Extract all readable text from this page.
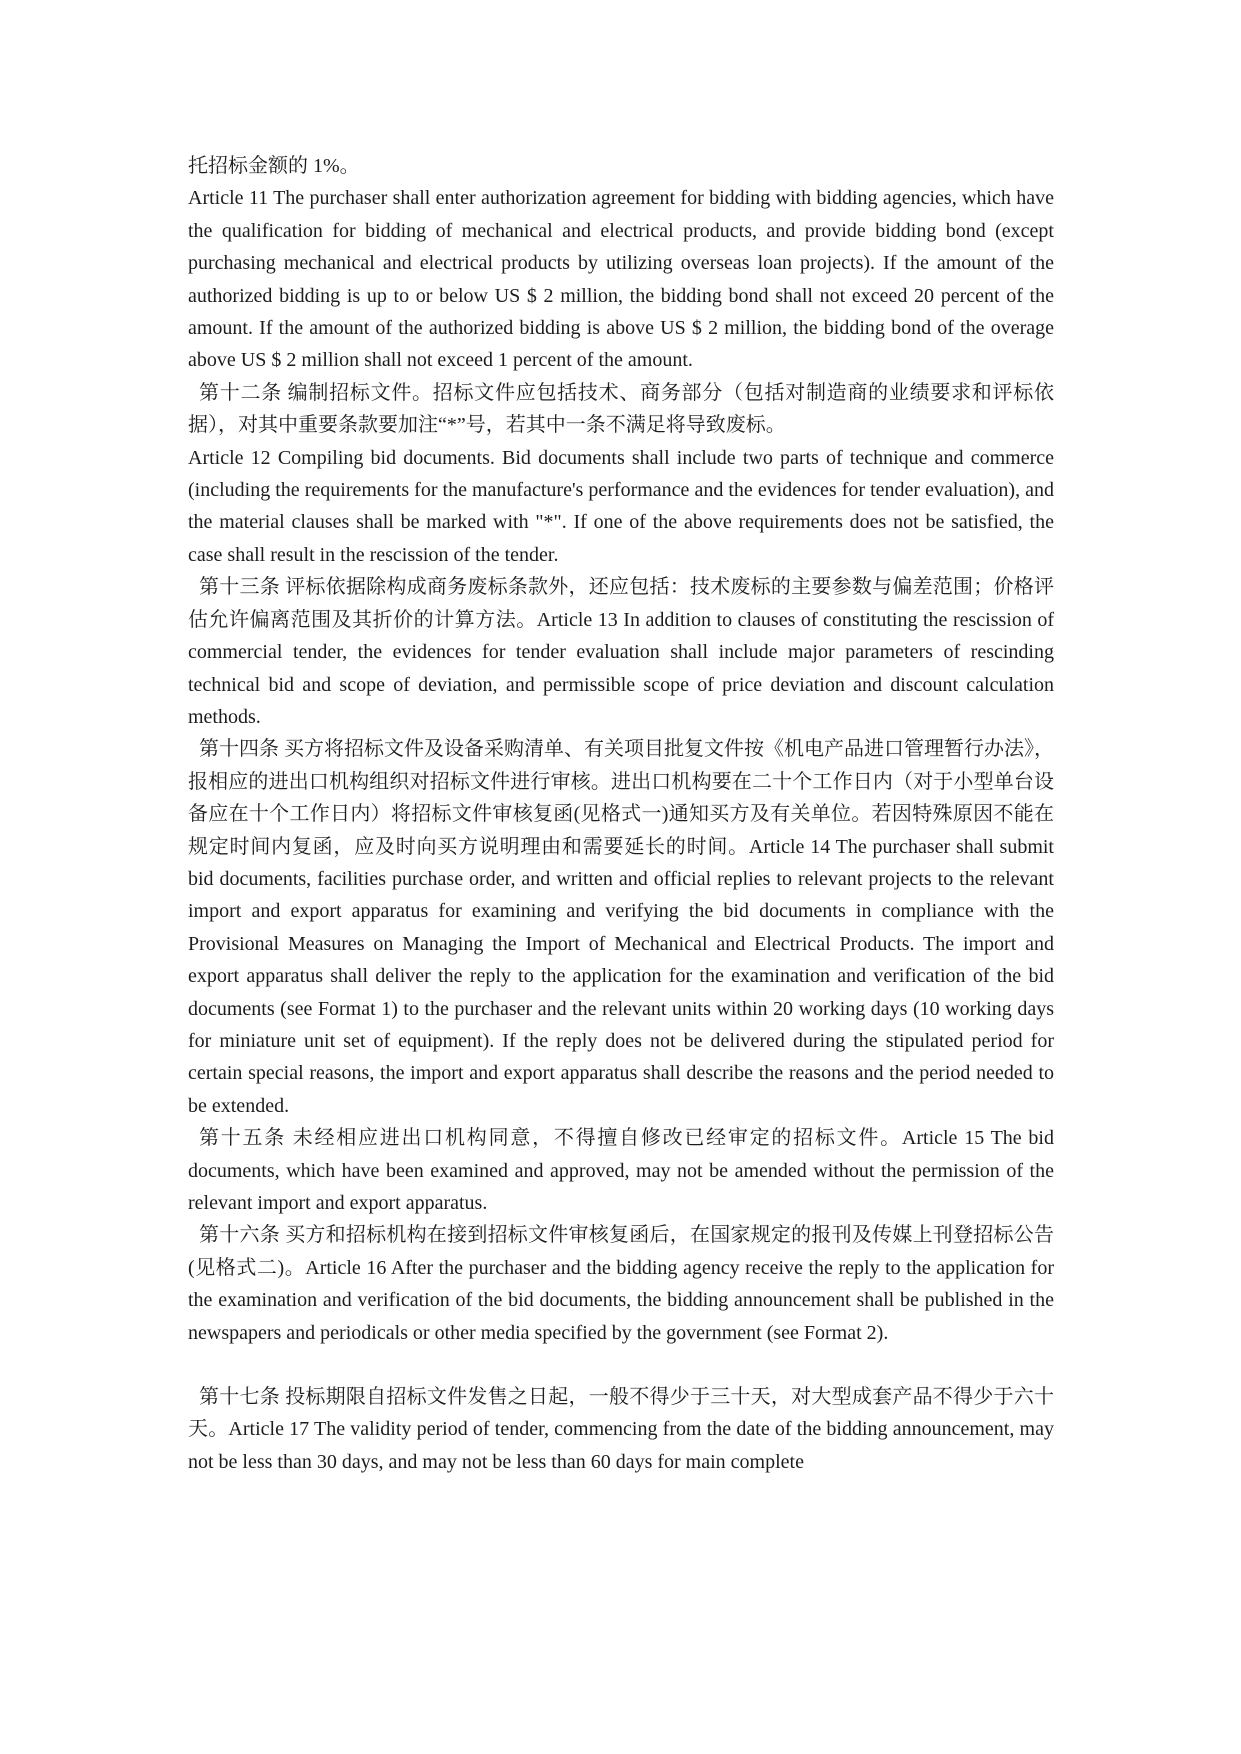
托招标金额的 1%。

Article 11 The purchaser shall enter authorization agreement for bidding with bidding agencies, which have the qualification for bidding of mechanical and electrical products, and provide bidding bond (except purchasing mechanical and electrical products by utilizing overseas loan projects). If the amount of the authorized bidding is up to or below US $ 2 million, the bidding bond shall not exceed 20 percent of the amount. If the amount of the authorized bidding is above US $ 2 million, the bidding bond of the overage above US $ 2 million shall not exceed 1 percent of the amount.

第十二条 编制招标文件。招标文件应包括技术、商务部分（包括对制造商的业绩要求和评标依据），对其中重要条款要加注“*”号，若其中一条不满足将导致废标。

Article 12 Compiling bid documents. Bid documents shall include two parts of technique and commerce (including the requirements for the manufacture's performance and the evidences for tender evaluation), and the material clauses shall be marked with "*". If one of the above requirements does not be satisfied, the case shall result in the rescission of the tender.

第十三条 评标依据除构成商务废标条款外，还应包括：技术废标的主要参数与偏差范围；价格评估允许偏离范围及其折价的计算方法。Article 13 In addition to clauses of constituting the rescission of commercial tender, the evidences for tender evaluation shall include major parameters of rescinding technical bid and scope of deviation, and permissible scope of price deviation and discount calculation methods.

第十四条 买方将招标文件及设备采购清单、有关项目批复文件按《机电产品进口管理暂行办法》，报相应的进出口机构组织对招标文件进行审核。进出口机构要在二十个工作日内（对于小型单台设备应在十个工作日内）将招标文件审核复函(见格式一)通知买方及有关单位。若因特殊原因不能在规定时间内复函，应及时向买方说明理由和需要延长的时间。Article 14 The purchaser shall submit bid documents, facilities purchase order, and written and official replies to relevant projects to the relevant import and export apparatus for examining and verifying the bid documents in compliance with the Provisional Measures on Managing the Import of Mechanical and Electrical Products. The import and export apparatus shall deliver the reply to the application for the examination and verification of the bid documents (see Format 1) to the purchaser and the relevant units within 20 working days (10 working days for miniature unit set of equipment). If the reply does not be delivered during the stipulated period for certain special reasons, the import and export apparatus shall describe the reasons and the period needed to be extended.

第十五条 未经相应进出口机构同意，不得擅自修改已经审定的招标文件。Article 15 The bid documents, which have been examined and approved, may not be amended without the permission of the relevant import and export apparatus.

第十六条 买方和招标机构在接到招标文件审核复函后，在国家规定的报刊及传媒上刊登招标公告(见格式二)。Article 16 After the purchaser and the bidding agency receive the reply to the application for the examination and verification of the bid documents, the bidding announcement shall be published in the newspapers and periodicals or other media specified by the government (see Format 2).

第十七条 投标期限自招标文件发售之日起，一般不得少于三十天，对大型成套产品不得少于六十天。Article 17 The validity period of tender, commencing from the date of the bidding announcement, may not be less than 30 days, and may not be less than 60 days for main complete
